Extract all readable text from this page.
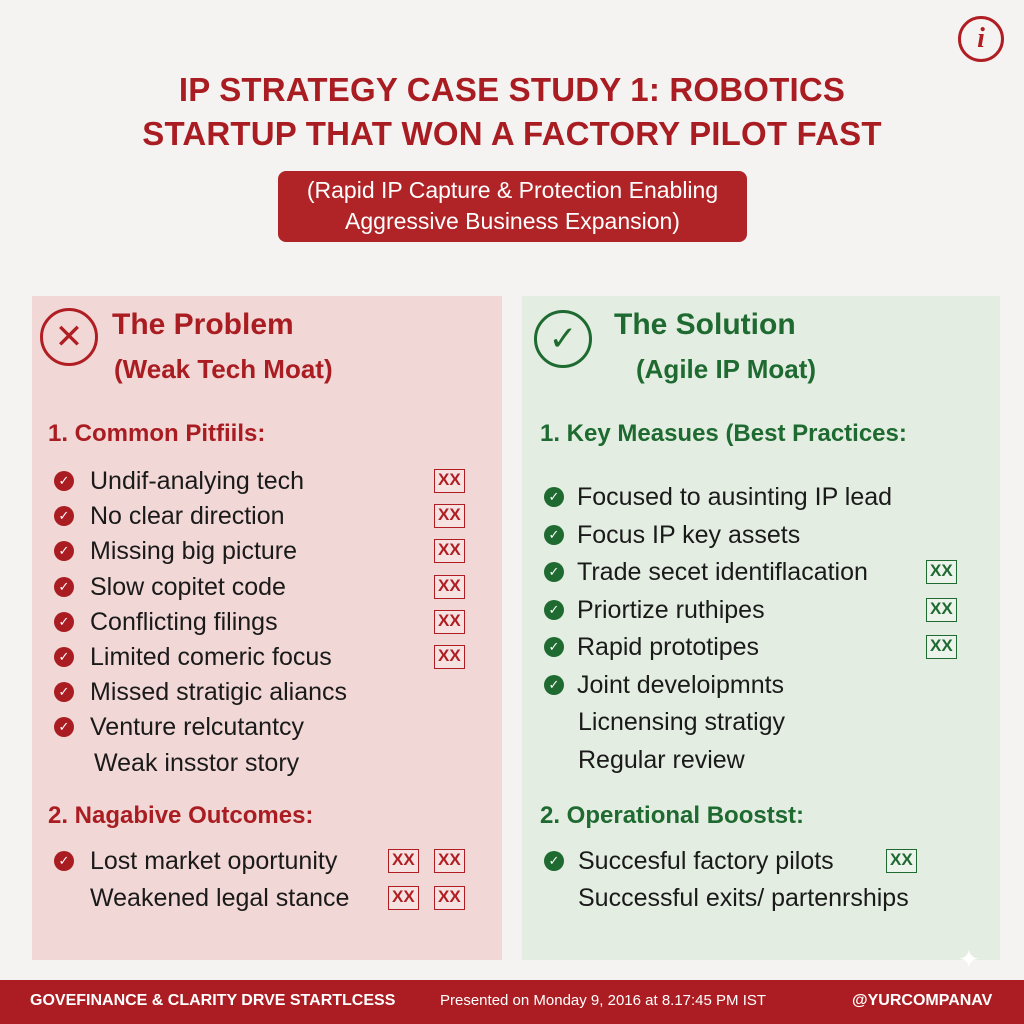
i
IP STRATEGY CASE STUDY 1: ROBOTICS
STARTUP THAT WON A FACTORY PILOT FAST
(Rapid IP Capture & Protection Enabling
Aggressive Business Expansion)
✕ The Problem
(Weak Tech Moat)
1. Common Pitfiils:
✓ Undif-analying tech	XX
✓ No clear direction	XX
✓ Missing big picture	XX
✓ Slow copitet code	XX
✓ Conflicting filings	XX
✓ Limited comeric focus	XX
✓ Missed stratigic aliancs
✓ Venture relcutantcy
Weak insstor story
2. Nagabive Outcomes:
✓ Lost market oportunity	XX XX
Weakened legal stance	XX XX
✓	The Solution
(Agile IP Moat)
1. Key Measues (Best Practices:
✓ Focused to ausinting IP lead
✓ Focus IP key assets
✓ Trade secet identiflacation	XX
✓ Priortize ruthipes	XX
✓ Rapid prototipes	XX
✓ Joint develoipmnts
Licnensing stratigy
Regular review
2. Operational Boostst:
✓ Succesful factory pilots	XX
Successful exits/ partenrships
✦
GOVEFINANCE & CLARITY DRVE STARTLCESS	Presented on Monday 9, 2016 at 8.17:45 PM IST	@YURCOMPANAV
